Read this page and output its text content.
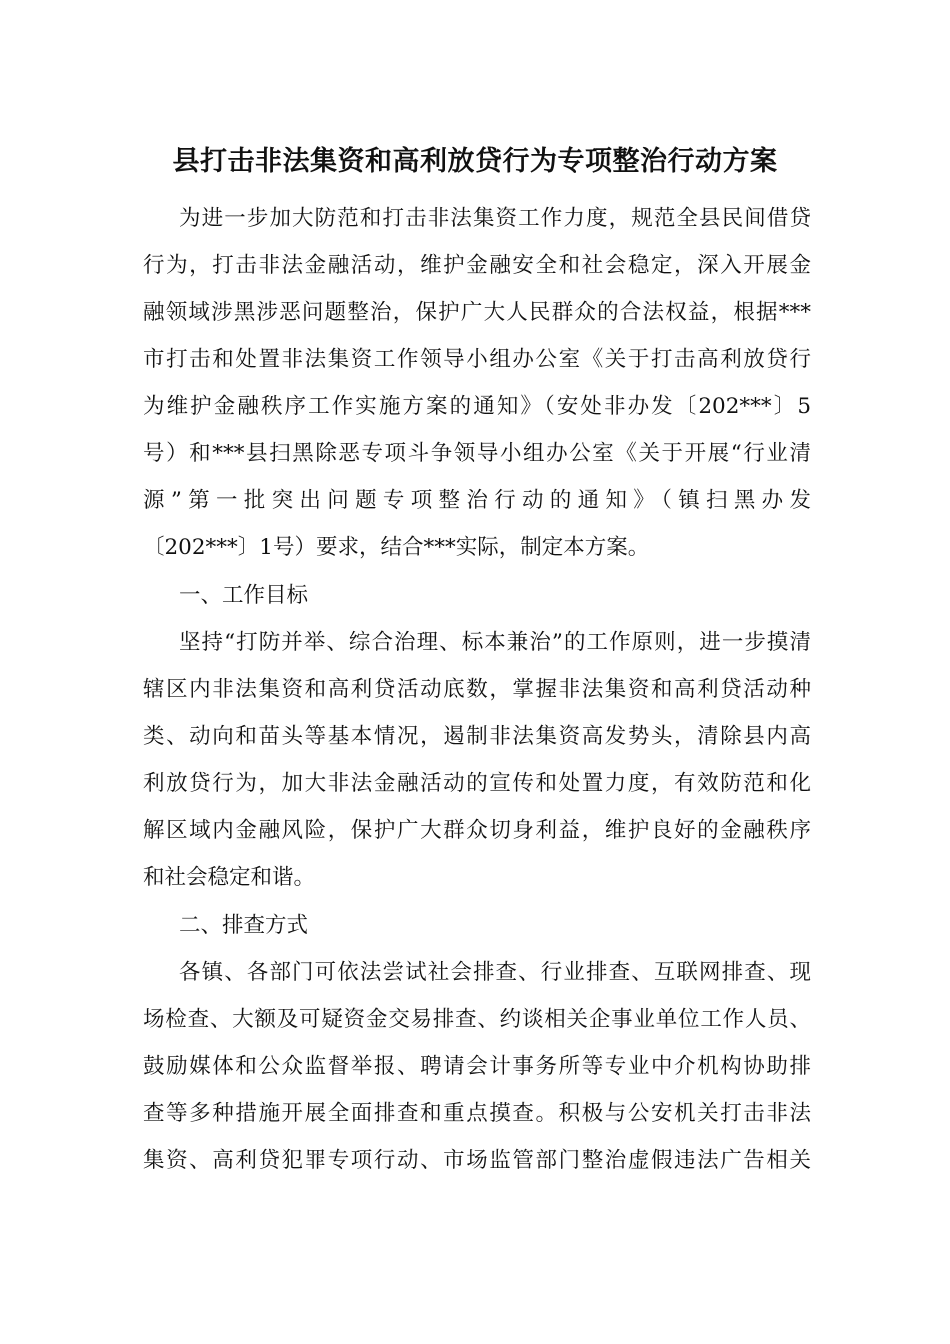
县打击非法集资和高利放贷行为专项整治行动方案
为进一步加大防范和打击非法集资工作力度，规范全县民间借贷
行为，打击非法金融活动，维护金融安全和社会稳定，深入开展金
融领域涉黑涉恶问题整治，保护广大人民群众的合法权益，根据***
市打击和处置非法集资工作领导小组办公室《关于打击高利放贷行
为维护金融秩序工作实施方案的通知》（安处非办发〔202***〕5
号）和***县扫黑除恶专项斗争领导小组办公室《关于开展“行业清
源”第一批突出问题专项整治行动的通知》（镇扫黑办发
〔202***〕1号）要求，结合***实际，制定本方案。
一、工作目标
坚持“打防并举、综合治理、标本兼治”的工作原则，进一步摸清
辖区内非法集资和高利贷活动底数，掌握非法集资和高利贷活动种
类、动向和苗头等基本情况，遏制非法集资高发势头，清除县内高
利放贷行为，加大非法金融活动的宣传和处置力度，有效防范和化
解区域内金融风险，保护广大群众切身利益，维护良好的金融秩序
和社会稳定和谐。
二、排查方式
各镇、各部门可依法尝试社会排查、行业排查、互联网排查、现
场检查、大额及可疑资金交易排查、约谈相关企事业单位工作人员、
鼓励媒体和公众监督举报、聘请会计事务所等专业中介机构协助排
查等多种措施开展全面排查和重点摸查。积极与公安机关打击非法
集资、高利贷犯罪专项行动、市场监管部门整治虚假违法广告相关
